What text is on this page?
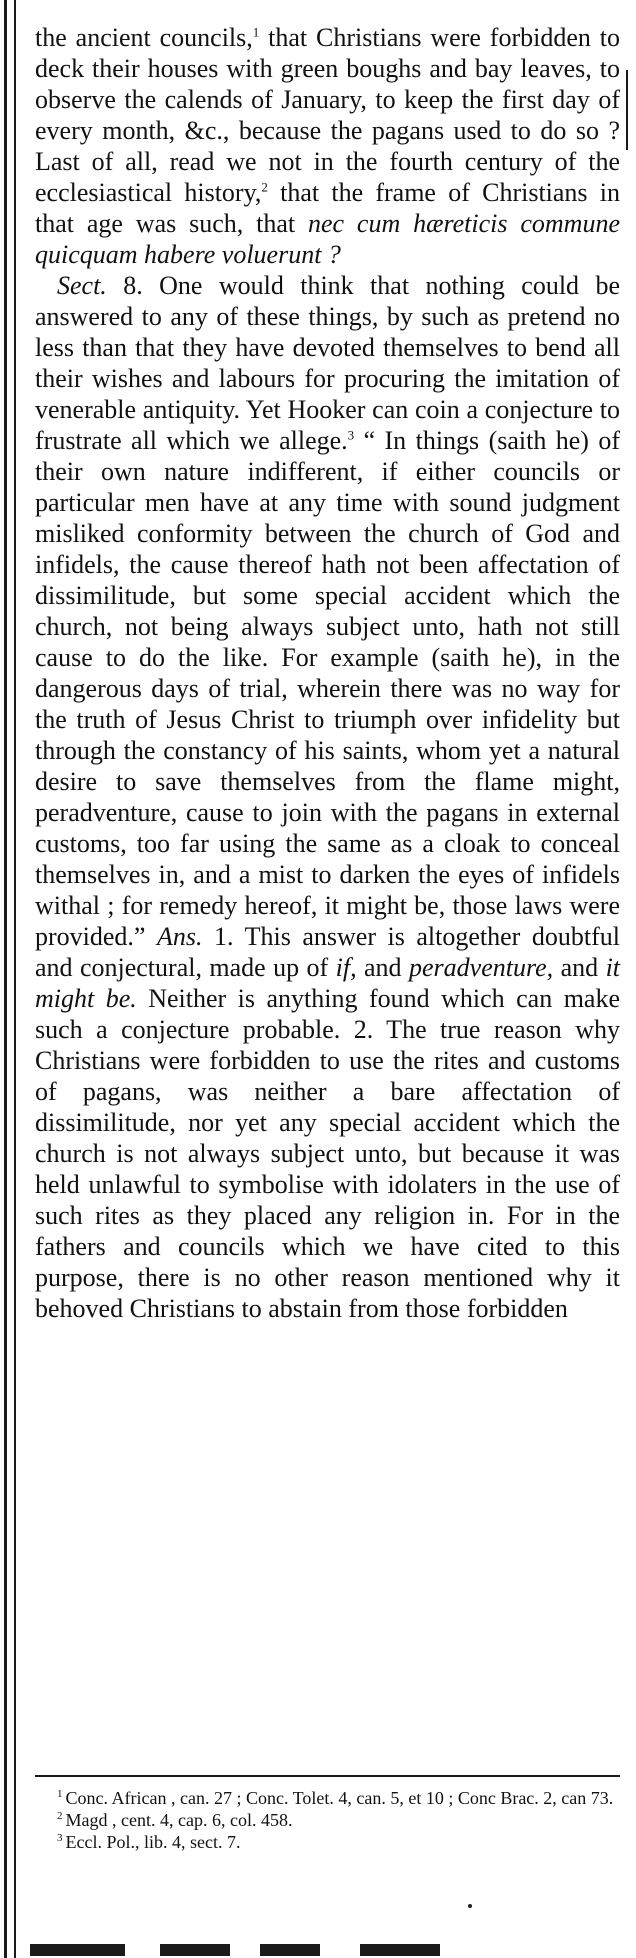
the ancient councils,$^1$ that Christians were forbidden to deck their houses with green boughs and bay leaves, to observe the calends of January, to keep the first day of every month, &c., because the pagans used to do so ? Last of all, read we not in the fourth century of the ecclesiastical history,$^2$ that the frame of Christians in that age was such, that nec cum hæreticis commune quicquam habere voluerunt ?

Sect. 8. One would think that nothing could be answered to any of these things, by such as pretend no less than that they have devoted themselves to bend all their wishes and labours for procuring the imitation of venerable antiquity. Yet Hooker can coin a conjecture to frustrate all which we allege.$^3$ “ In things (saith he) of their own nature indifferent, if either councils or particular men have at any time with sound judgment misliked conformity between the church of God and infidels, the cause thereof hath not been affectation of dissimilitude, but some special accident which the church, not being always subject unto, hath not still cause to do the like. For example (saith he), in the dangerous days of trial, wherein there was no way for the truth of Jesus Christ to triumph over infidelity but through the constancy of his saints, whom yet a natural desire to save themselves from the flame might, peradventure, cause to join with the pagans in external customs, too far using the same as a cloak to conceal themselves in, and a mist to darken the eyes of infidels withal ; for remedy hereof, it might be, those laws were provided.” Ans. 1. This answer is altogether doubtful and conjectural, made up of if, and peradventure, and it might be. Neither is anything found which can make such a conjecture probable. 2. The true reason why Christians were forbidden to use the rites and customs of pagans, was neither a bare affectation of dissimilitude, nor yet any special accident which the church is not always subject unto, but because it was held unlawful to symbolise with idolaters in the use of such rites as they placed any religion in. For in the fathers and councils which we have cited to this purpose, there is no other reason mentioned why it behoved Christians to abstain from those forbidden

$^1$ Conc. African , can. 27 ; Conc. Tolet. 4, can. 5, et 10 ; Conc Brac. 2, can 73.
$^2$ Magd , cent. 4, cap. 6, col. 458.
$^3$ Eccl. Pol., lib. 4, sect. 7.
